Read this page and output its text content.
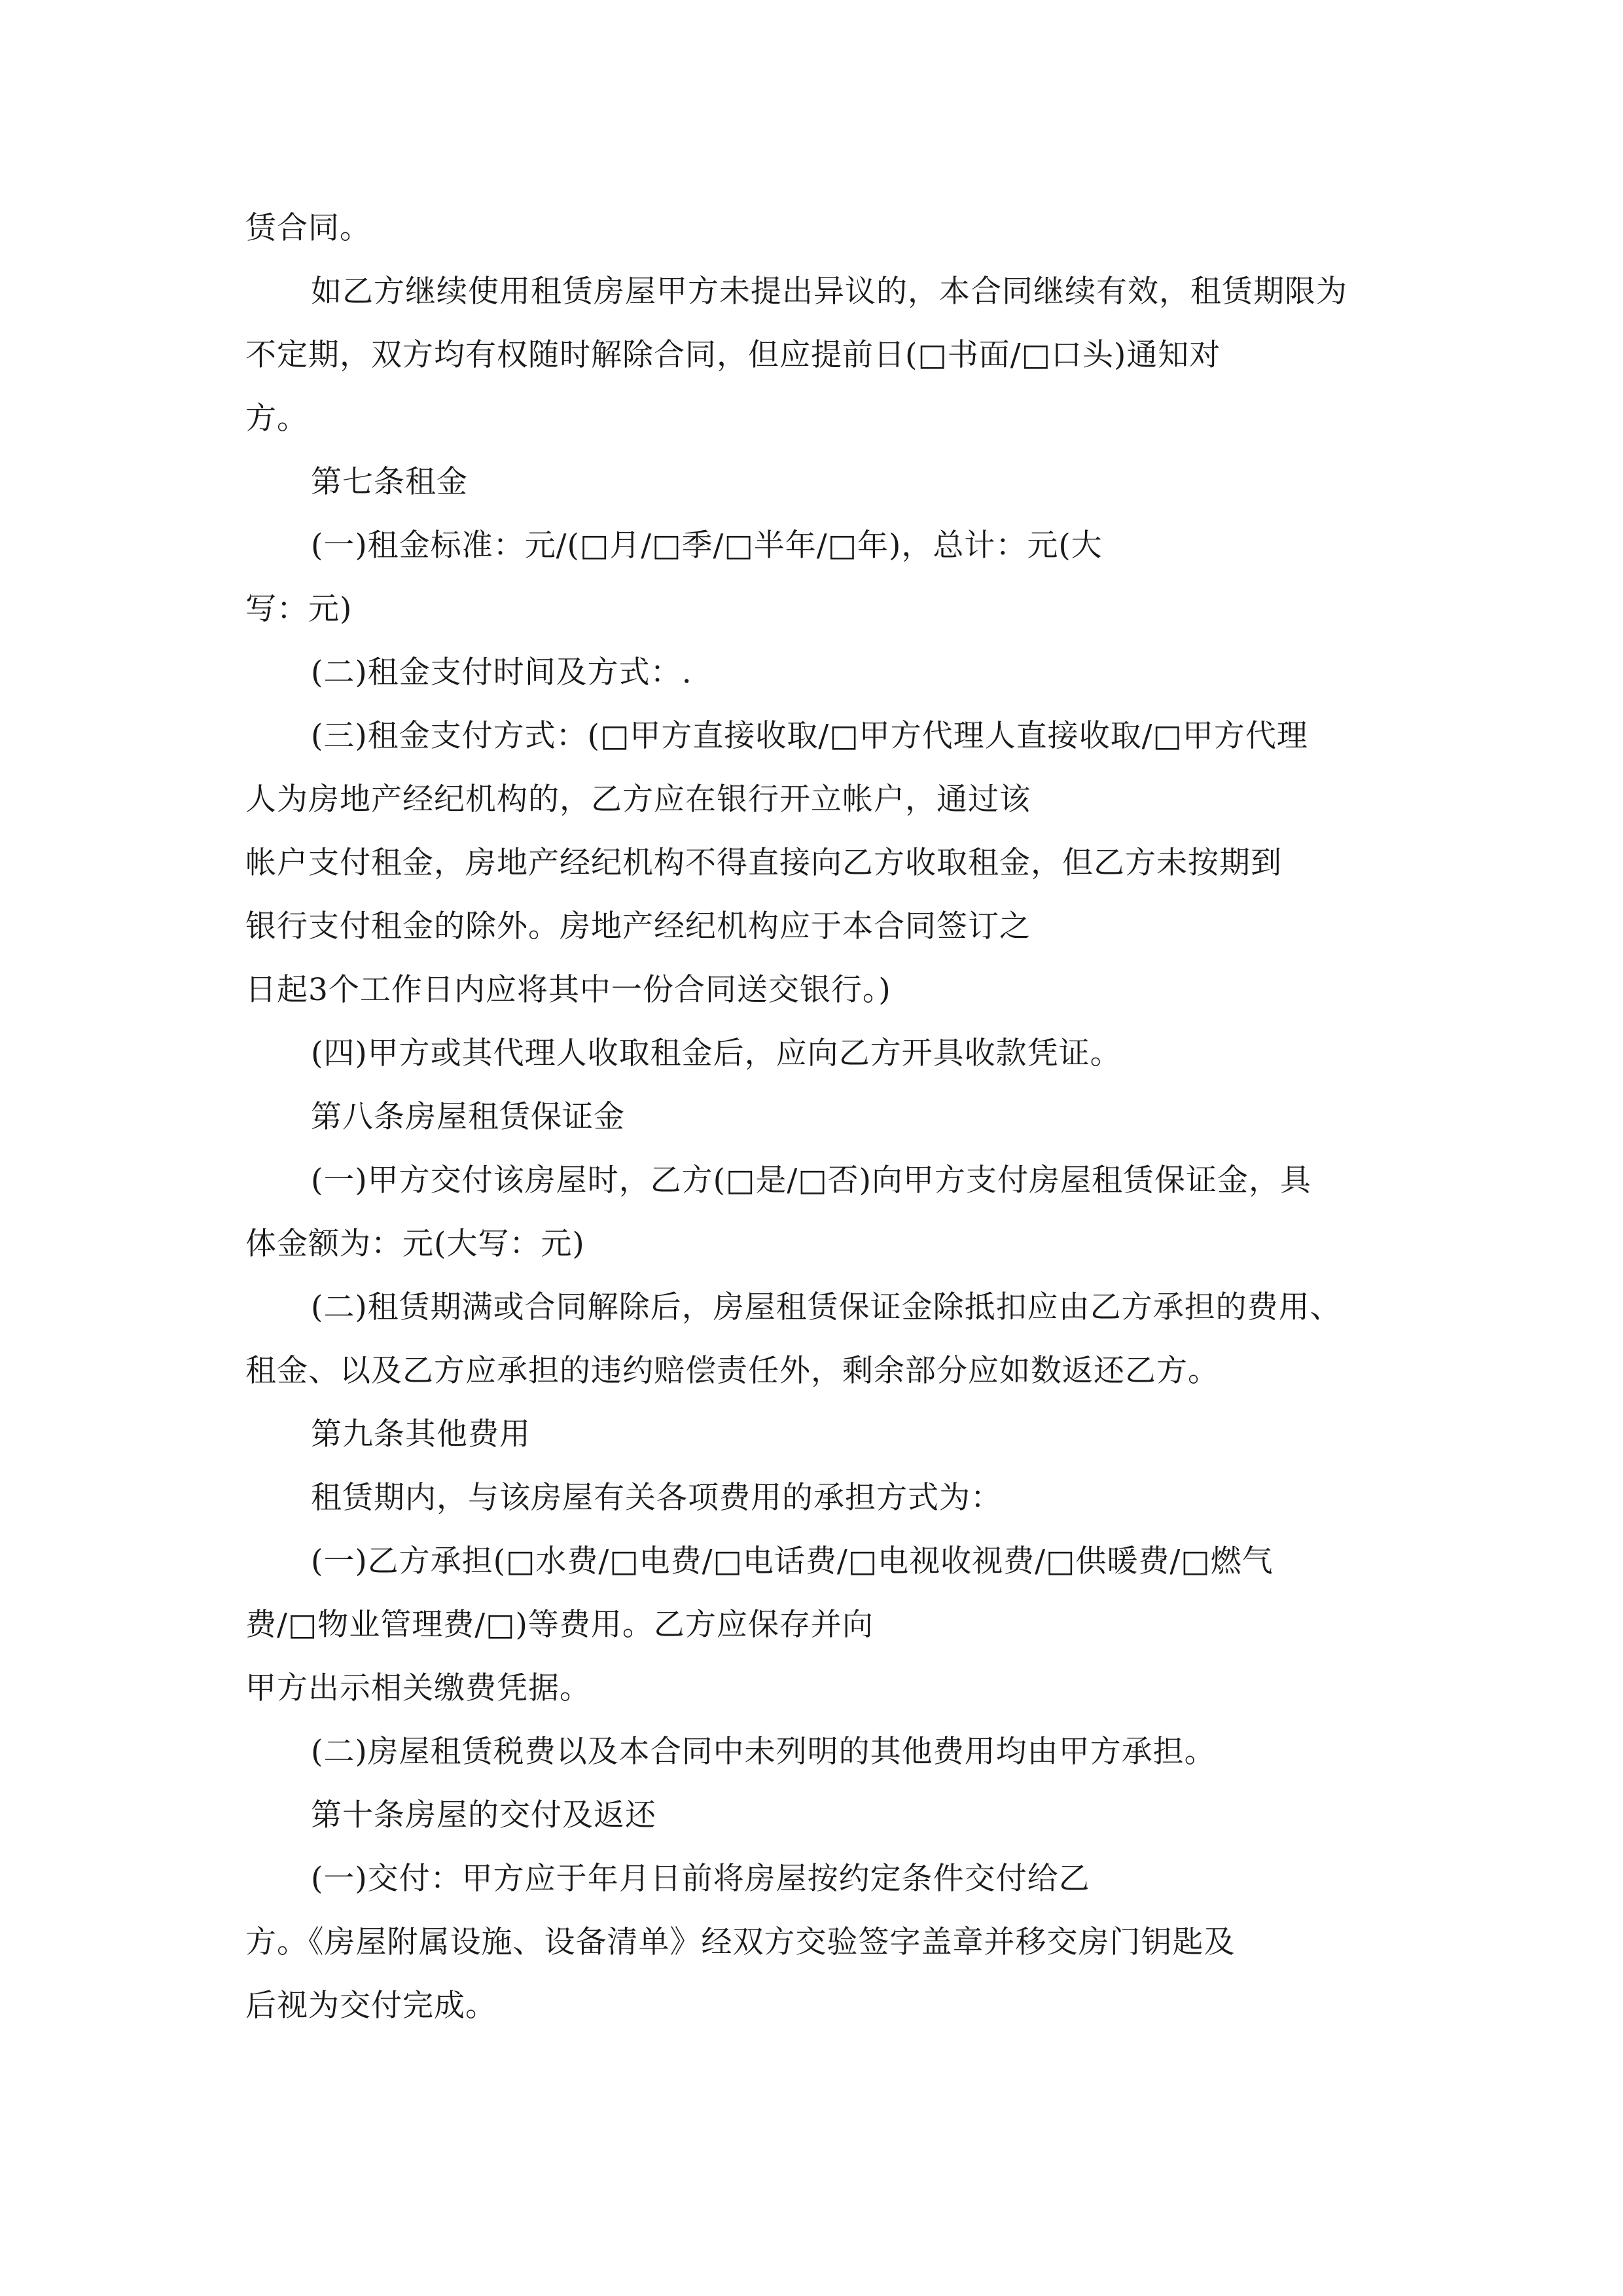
赁合同。
如乙方继续使用租赁房屋甲方未提出异议的，本合同继续有效，租赁期限为
不定期，双方均有权随时解除合同，但应提前日(□书面/□口头)通知对
方。
第七条租金
(一)租金标准：元/(□月/□季/□半年/□年)，总计：元(大
写：元)
(二)租金支付时间及方式：.
(三)租金支付方式：(□甲方直接收取/□甲方代理人直接收取/□甲方代理
人为房地产经纪机构的，乙方应在银行开立帐户，通过该
帐户支付租金，房地产经纪机构不得直接向乙方收取租金，但乙方未按期到
银行支付租金的除外。房地产经纪机构应于本合同签订之
日起3个工作日内应将其中一份合同送交银行。)
(四)甲方或其代理人收取租金后，应向乙方开具收款凭证。
第八条房屋租赁保证金
(一)甲方交付该房屋时，乙方(□是/□否)向甲方支付房屋租赁保证金，具
体金额为：元(大写：元)
(二)租赁期满或合同解除后，房屋租赁保证金除抵扣应由乙方承担的费用、
租金、以及乙方应承担的违约赔偿责任外，剩余部分应如数返还乙方。
第九条其他费用
租赁期内，与该房屋有关各项费用的承担方式为：
(一)乙方承担(□水费/□电费/□电话费/□电视收视费/□供暖费/□燃气
费/□物业管理费/□)等费用。乙方应保存并向
甲方出示相关缴费凭据。
(二)房屋租赁税费以及本合同中未列明的其他费用均由甲方承担。
第十条房屋的交付及返还
(一)交付：甲方应于年月日前将房屋按约定条件交付给乙
方。《房屋附属设施、设备清单》经双方交验签字盖章并移交房门钥匙及
后视为交付完成。
